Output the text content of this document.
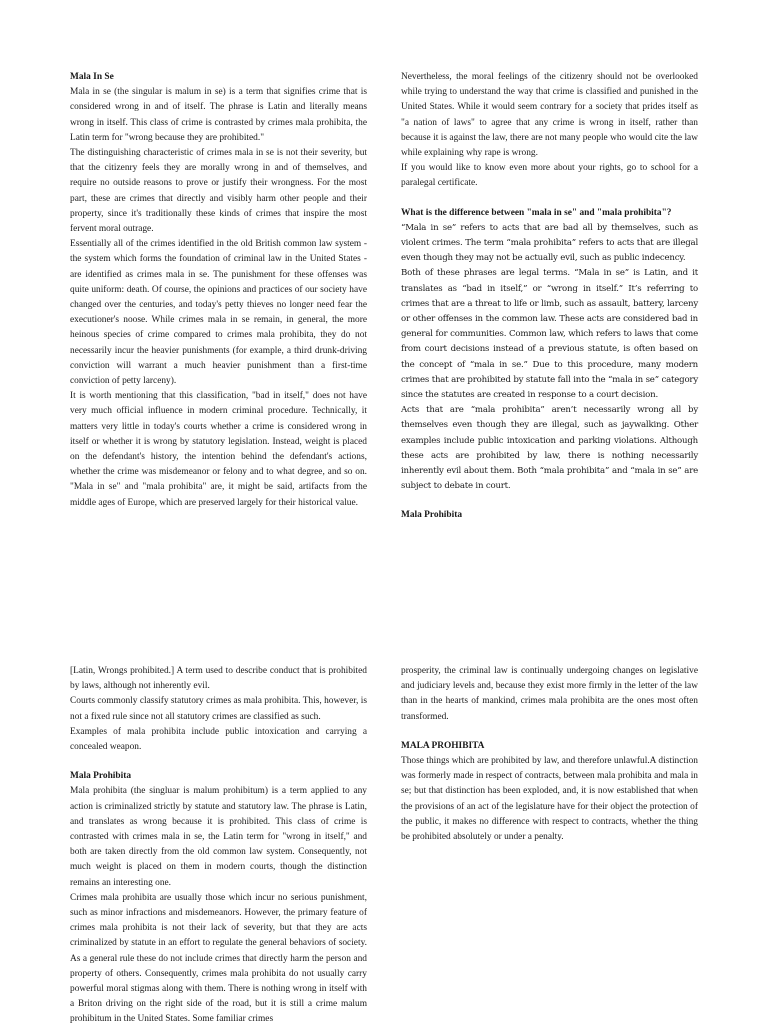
Mala In Se

Mala in se (the singular is malum in se) is a term that signifies crime that is considered wrong in and of itself. The phrase is Latin and literally means wrong in itself. This class of crime is contrasted by crimes mala prohibita, the Latin term for "wrong because they are prohibited."

The distinguishing characteristic of crimes mala in se is not their severity, but that the citizenry feels they are morally wrong in and of themselves, and require no outside reasons to prove or justify their wrongness. For the most part, these are crimes that directly and visibly harm other people and their property, since it's traditionally these kinds of crimes that inspire the most fervent moral outrage.

Essentially all of the crimes identified in the old British common law system - the system which forms the foundation of criminal law in the United States - are identified as crimes mala in se. The punishment for these offenses was quite uniform: death. Of course, the opinions and practices of our society have changed over the centuries, and today's petty thieves no longer need fear the executioner's noose. While crimes mala in se remain, in general, the more heinous species of crime compared to crimes mala prohibita, they do not necessarily incur the heavier punishments (for example, a third drunk-driving conviction will warrant a much heavier punishment than a first-time conviction of petty larceny).

It is worth mentioning that this classification, "bad in itself," does not have very much official influence in modern criminal procedure. Technically, it matters very little in today's courts whether a crime is considered wrong in itself or whether it is wrong by statutory legislation. Instead, weight is placed on the defendant's history, the intention behind the defendant's actions, whether the crime was misdemeanor or felony and to what degree, and so on. "Mala in se" and "mala prohibita" are, it might be said, artifacts from the middle ages of Europe, which are preserved largely for their historical value.

Nevertheless, the moral feelings of the citizenry should not be overlooked while trying to understand the way that crime is classified and punished in the United States. While it would seem contrary for a society that prides itself as "a nation of laws" to agree that any crime is wrong in itself, rather than because it is against the law, there are not many people who would cite the law while explaining why rape is wrong.

If you would like to know even more about your rights, go to school for a paralegal certificate.

What is the difference between "mala in se" and "mala prohibita"?

“Mala in se” refers to acts that are bad all by themselves, such as violent crimes. The term “mala prohibita” refers to acts that are illegal even though they may not be actually evil, such as public indecency.

Both of these phrases are legal terms. “Mala in se” is Latin, and it translates as “bad in itself,” or “wrong in itself.” It’s referring to crimes that are a threat to life or limb, such as assault, battery, larceny or other offenses in the common law. These acts are considered bad in general for communities. Common law, which refers to laws that come from court decisions instead of a previous statute, is often based on the concept of “mala in se.” Due to this procedure, many modern crimes that are prohibited by statute fall into the “mala in se” category since the statutes are created in response to a court decision.

Acts that are “mala prohibita” aren’t necessarily wrong all by themselves even though they are illegal, such as jaywalking. Other examples include public intoxication and parking violations. Although these acts are prohibited by law, there is nothing necessarily inherently evil about them. Both “mala prohibita” and “mala in se” are subject to debate in court.

Mala Prohibita

[Latin, Wrongs prohibited.] A term used to describe conduct that is prohibited by laws, although not inherently evil.

Courts commonly classify statutory crimes as mala prohibita. This, however, is not a fixed rule since not all statutory crimes are classified as such.

Examples of mala prohibita include public intoxication and carrying a concealed weapon.

Mala Prohibita

Mala prohibita (the singluar is malum prohibitum) is a term applied to any action is criminalized strictly by statute and statutory law. The phrase is Latin, and translates as wrong because it is prohibited. This class of crime is contrasted with crimes mala in se, the Latin term for "wrong in itself," and both are taken directly from the old common law system. Consequently, not much weight is placed on them in modern courts, though the distinction remains an interesting one.

Crimes mala prohibita are usually those which incur no serious punishment, such as minor infractions and misdemeanors. However, the primary feature of crimes mala prohibita is not their lack of severity, but that they are acts criminalized by statute in an effort to regulate the general behaviors of society. As a general rule these do not include crimes that directly harm the person and property of others. Consequently, crimes mala prohibita do not usually carry powerful moral stigmas along with them. There is nothing wrong in itself with a Briton driving on the right side of the road, but it is still a crime malum prohibitum in the United States. Some familiar crimes

prosperity, the criminal law is continually undergoing changes on legislative and judiciary levels and, because they exist more firmly in the letter of the law than in the hearts of mankind, crimes mala prohibita are the ones most often transformed.

MALA PROHIBITA

Those things which are prohibited by law, and therefore unlawful.A distinction was formerly made in respect of contracts, between mala prohibita and mala in se; but that distinction has been exploded, and, it is now established that when the provisions of an act of the legislature have for their object the protection of the public, it makes no difference with respect to contracts, whether the thing be prohibited absolutely or under a penalty.
